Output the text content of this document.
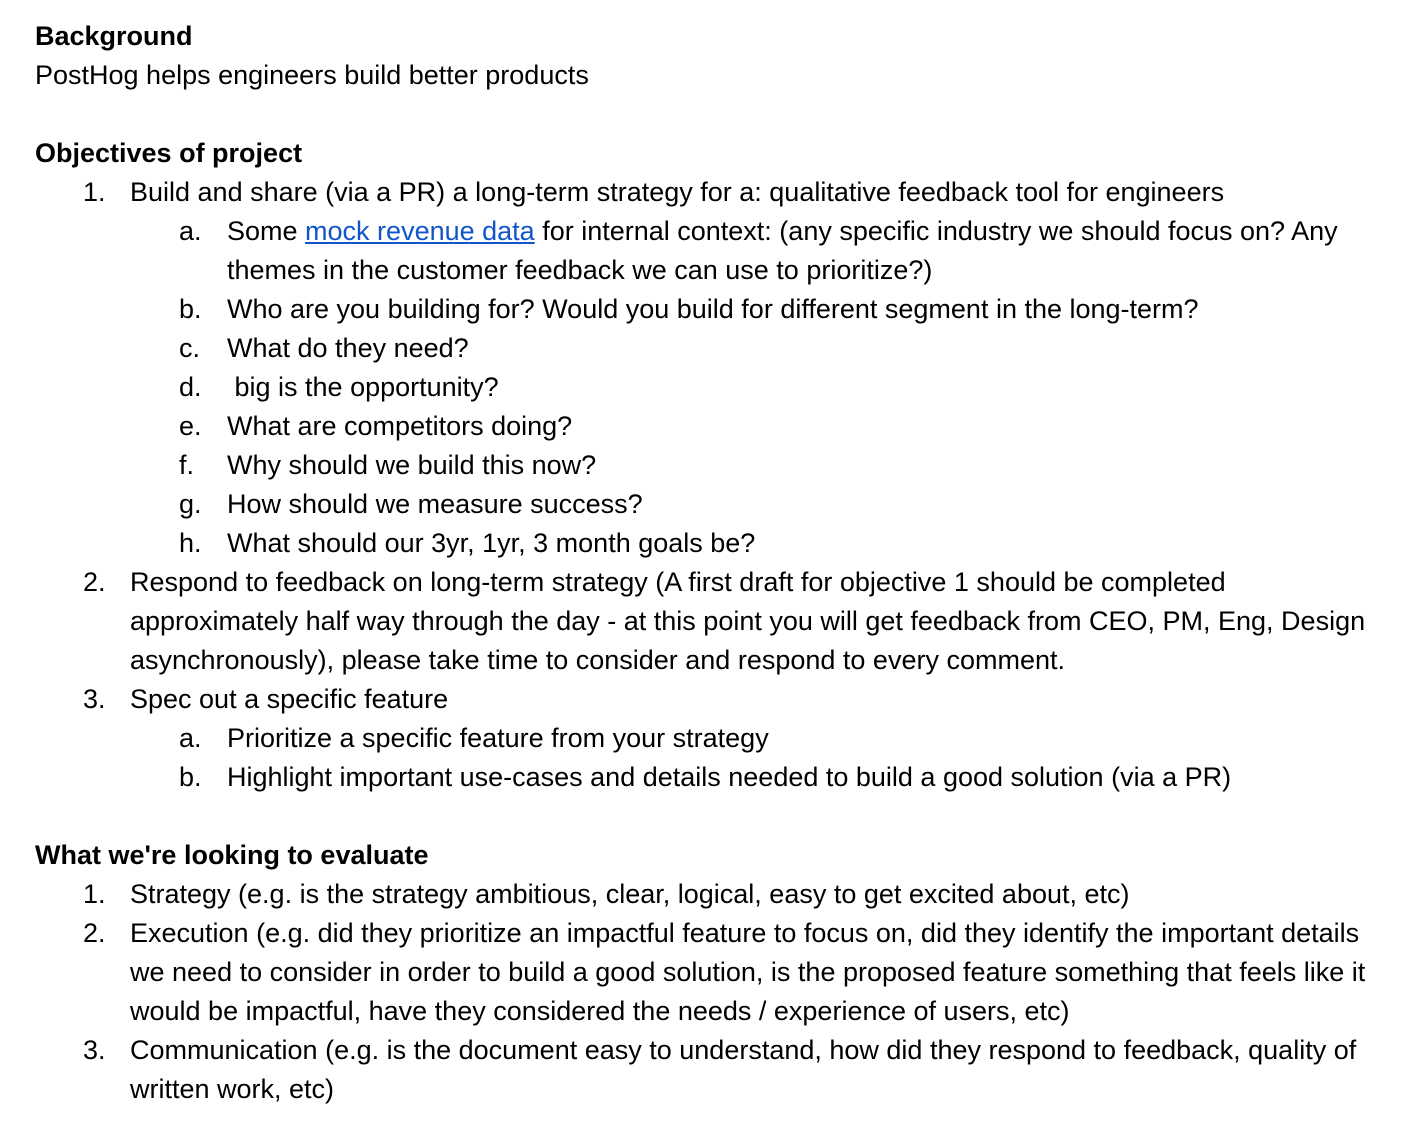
Background
PostHog helps engineers build better products
Objectives of project
1. Build and share (via a PR) a long-term strategy for a: qualitative feedback tool for engineers
a. Some mock revenue data for internal context: (any specific industry we should focus on? Any themes in the customer feedback we can use to prioritize?)
b. Who are you building for? Would you build for different segment in the long-term?
c. What do they need?
d. big is the opportunity?
e. What are competitors doing?
f.	Why should we build this now?
g. How should we measure success?
h. What should our 3yr, 1yr, 3 month goals be?
2. Respond to feedback on long-term strategy (A first draft for objective 1 should be completed approximately half way through the day - at this point you will get feedback from CEO, PM, Eng, Design asynchronously), please take time to consider and respond to every comment.
3. Spec out a specific feature
a. Prioritize a specific feature from your strategy
b. Highlight important use-cases and details needed to build a good solution (via a PR)
What we're looking to evaluate
1. Strategy (e.g. is the strategy ambitious, clear, logical, easy to get excited about, etc)
2. Execution (e.g. did they prioritize an impactful feature to focus on, did they identify the important details we need to consider in order to build a good solution, is the proposed feature something that feels like it would be impactful, have they considered the needs / experience of users, etc)
3. Communication (e.g. is the document easy to understand, how did they respond to feedback, quality of written work, etc)
